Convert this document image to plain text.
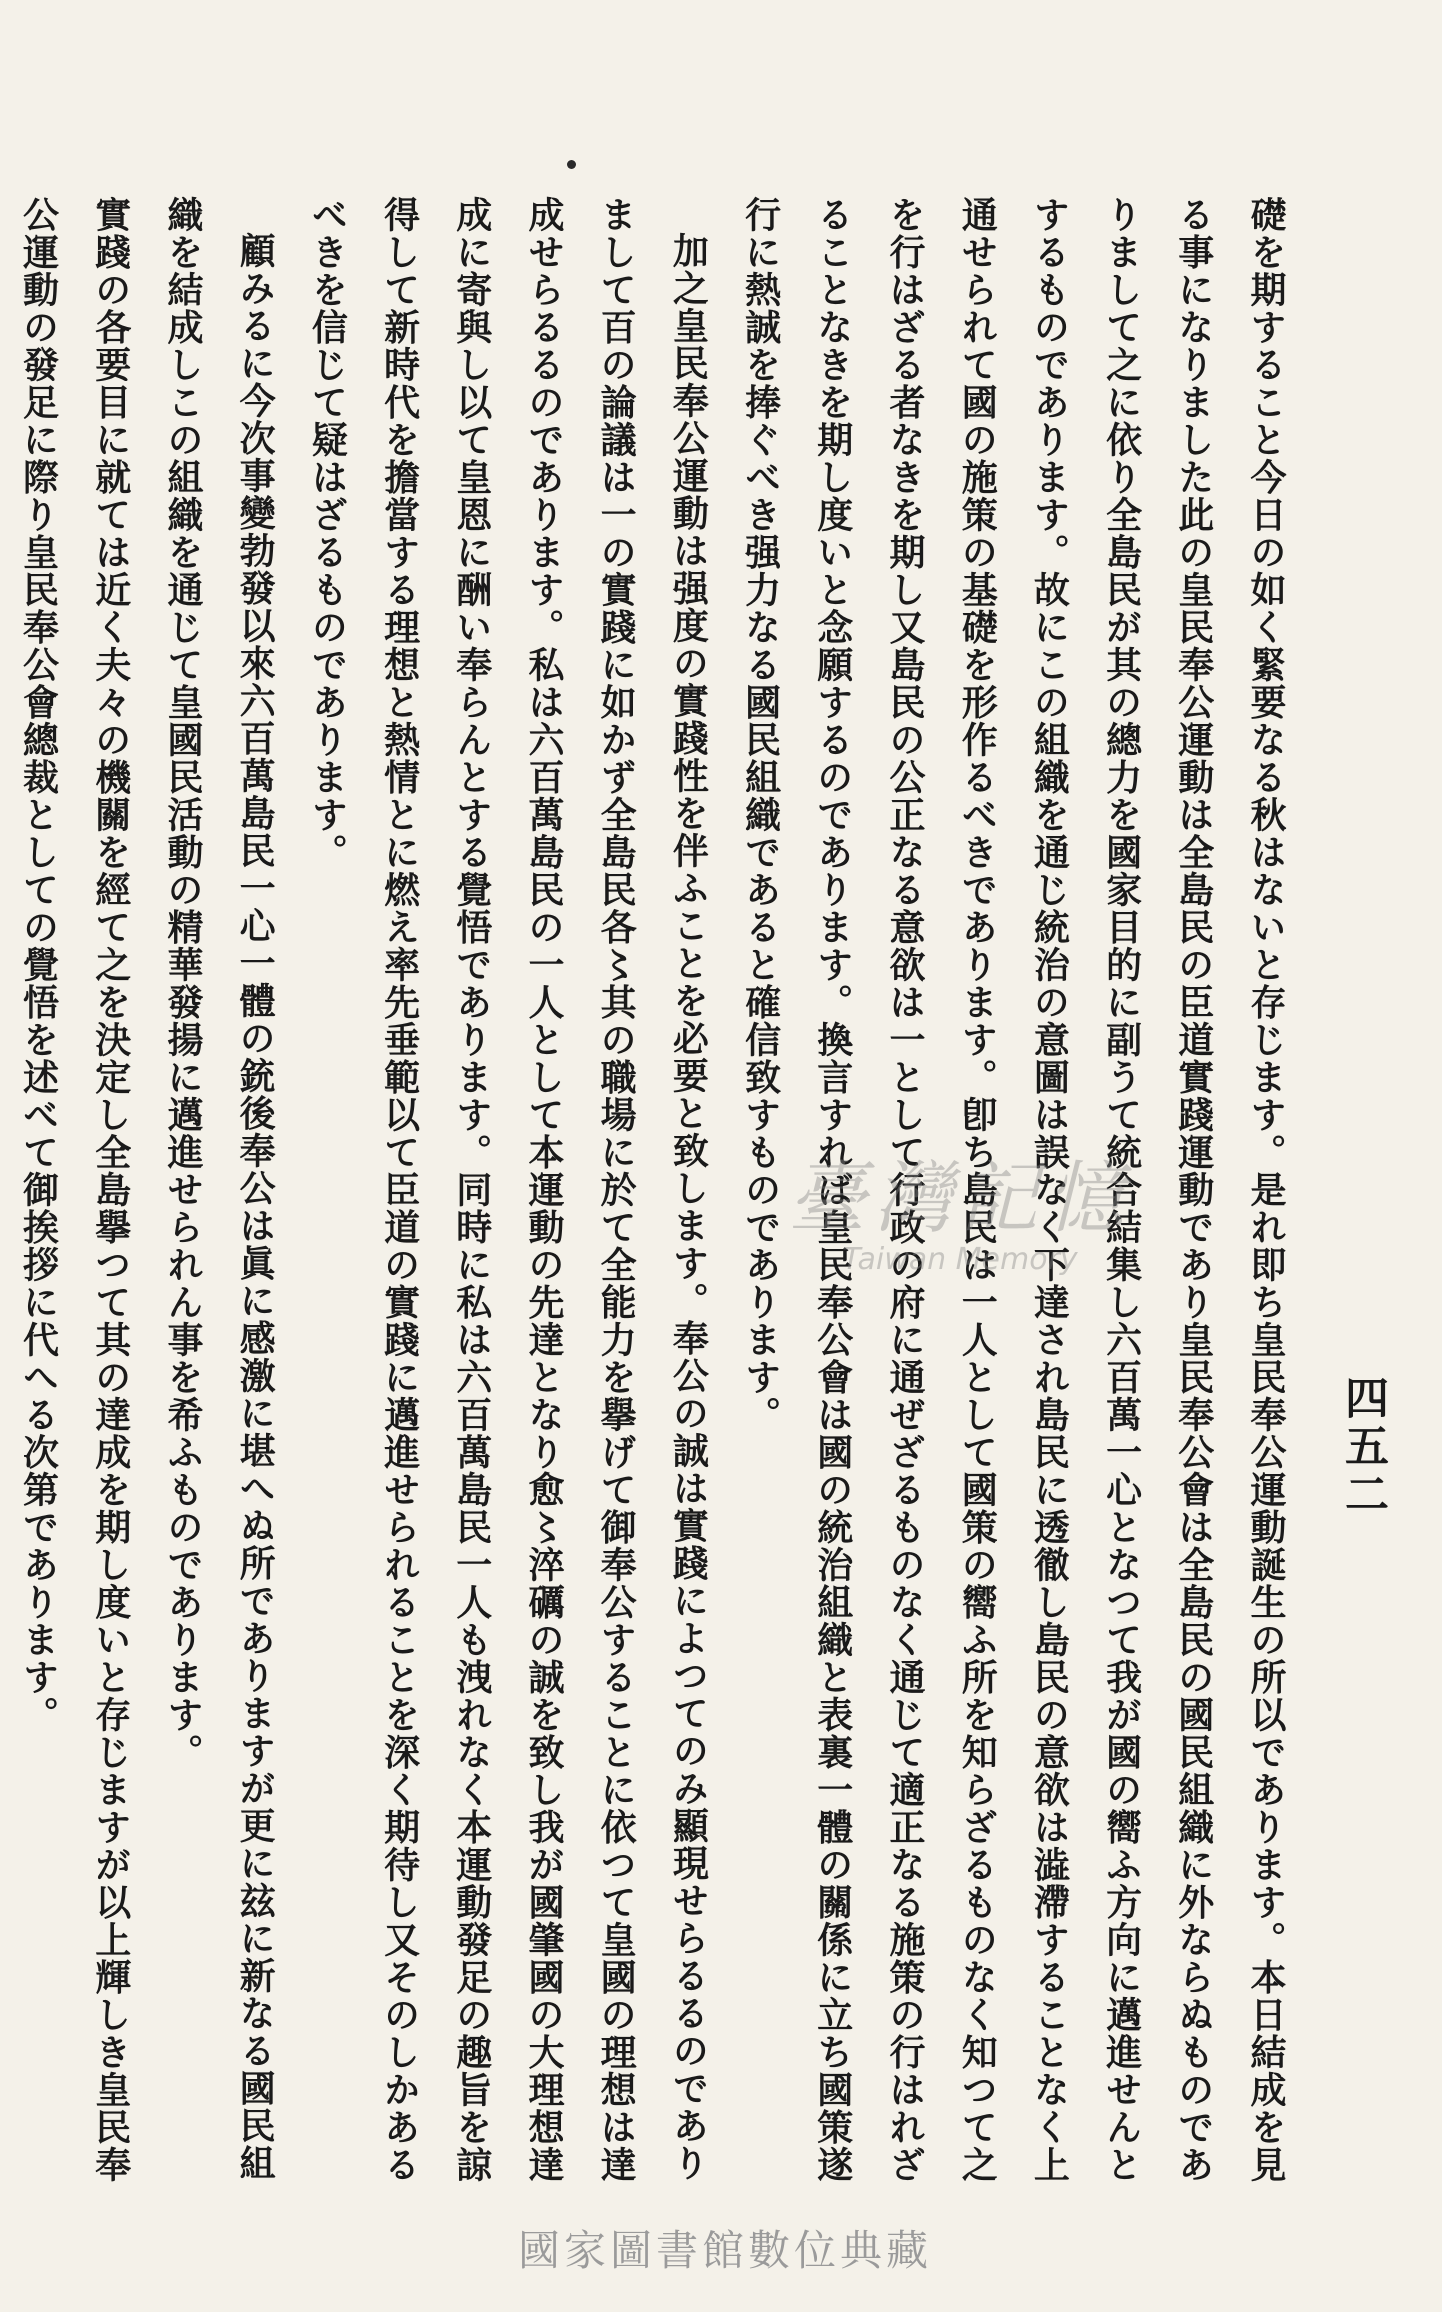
四五二

礎を期すること今日の如く緊要なる秋はないと存じます。是れ即ち皇民奉公運動誕生の所以であります。本日結成を見る事になりました此の皇民奉公運動は全島民の臣道實踐運動であり皇民奉公會は全島民の國民組織に外ならぬものでありまして之に依り全島民が其の總力を國家目的に副うて統合結集し六百萬一心となつて我が國の嚮ふ方向に邁進せんとするものであります。故にこの組織を通じ統治の意圖は誤なく下達され島民に透徹し島民の意欲は澁滯することなく上通せられて國の施策の基礎を形作るべきであります。卽ち島民は一人として國策の嚮ふ所を知らざるものなく知つて之を行はざる者なきを期し又島民の公正なる意欲は一として行政の府に通ぜざるものなく通じて適正なる施策の行はれざることなきを期し度いと念願するのであります。換言すれば皇民奉公會は國の統治組織と表裏一體の關係に立ち國策遂行に熱誠を捧ぐべき强力なる國民組織であると確信致すものであります。

加之皇民奉公運動は强度の實踐性を伴ふことを必要と致します。奉公の誠は實踐によつてのみ顯現せらるるのでありまして百の論議は一の實踐に如かず全島民各〻其の職場に於て全能力を擧げて御奉公することに依つて皇國の理想は達成せらるるのであります。私は六百萬島民の一人として本運動の先達となり愈〻淬礪の誠を致し我が國肇國の大理想達成に寄與し以て皇恩に酬い奉らんとする覺悟であります。同時に私は六百萬島民一人も洩れなく本運動發足の趣旨を諒得して新時代を擔當する理想と熱情とに燃え率先垂範以て臣道の實踐に邁進せられることを深く期待し又そのしかあるべきを信じて疑はざるものであります。

顧みるに今次事變勃發以來六百萬島民一心一體の銃後奉公は眞に感激に堪へぬ所でありますが更に玆に新なる國民組織を結成しこの組織を通じて皇國民活動の精華發揚に邁進せられん事を希ふものであります。

實踐の各要目に就ては近く夫々の機關を經て之を決定し全島擧つて其の達成を期し度いと存じますが以上輝しき皇民奉公運動の發足に際り皇民奉公會總裁としての覺悟を述べて御挨拶に代へる次第であります。	臺灣記憶
Taiwan Memory
國家圖書館數位典藏
